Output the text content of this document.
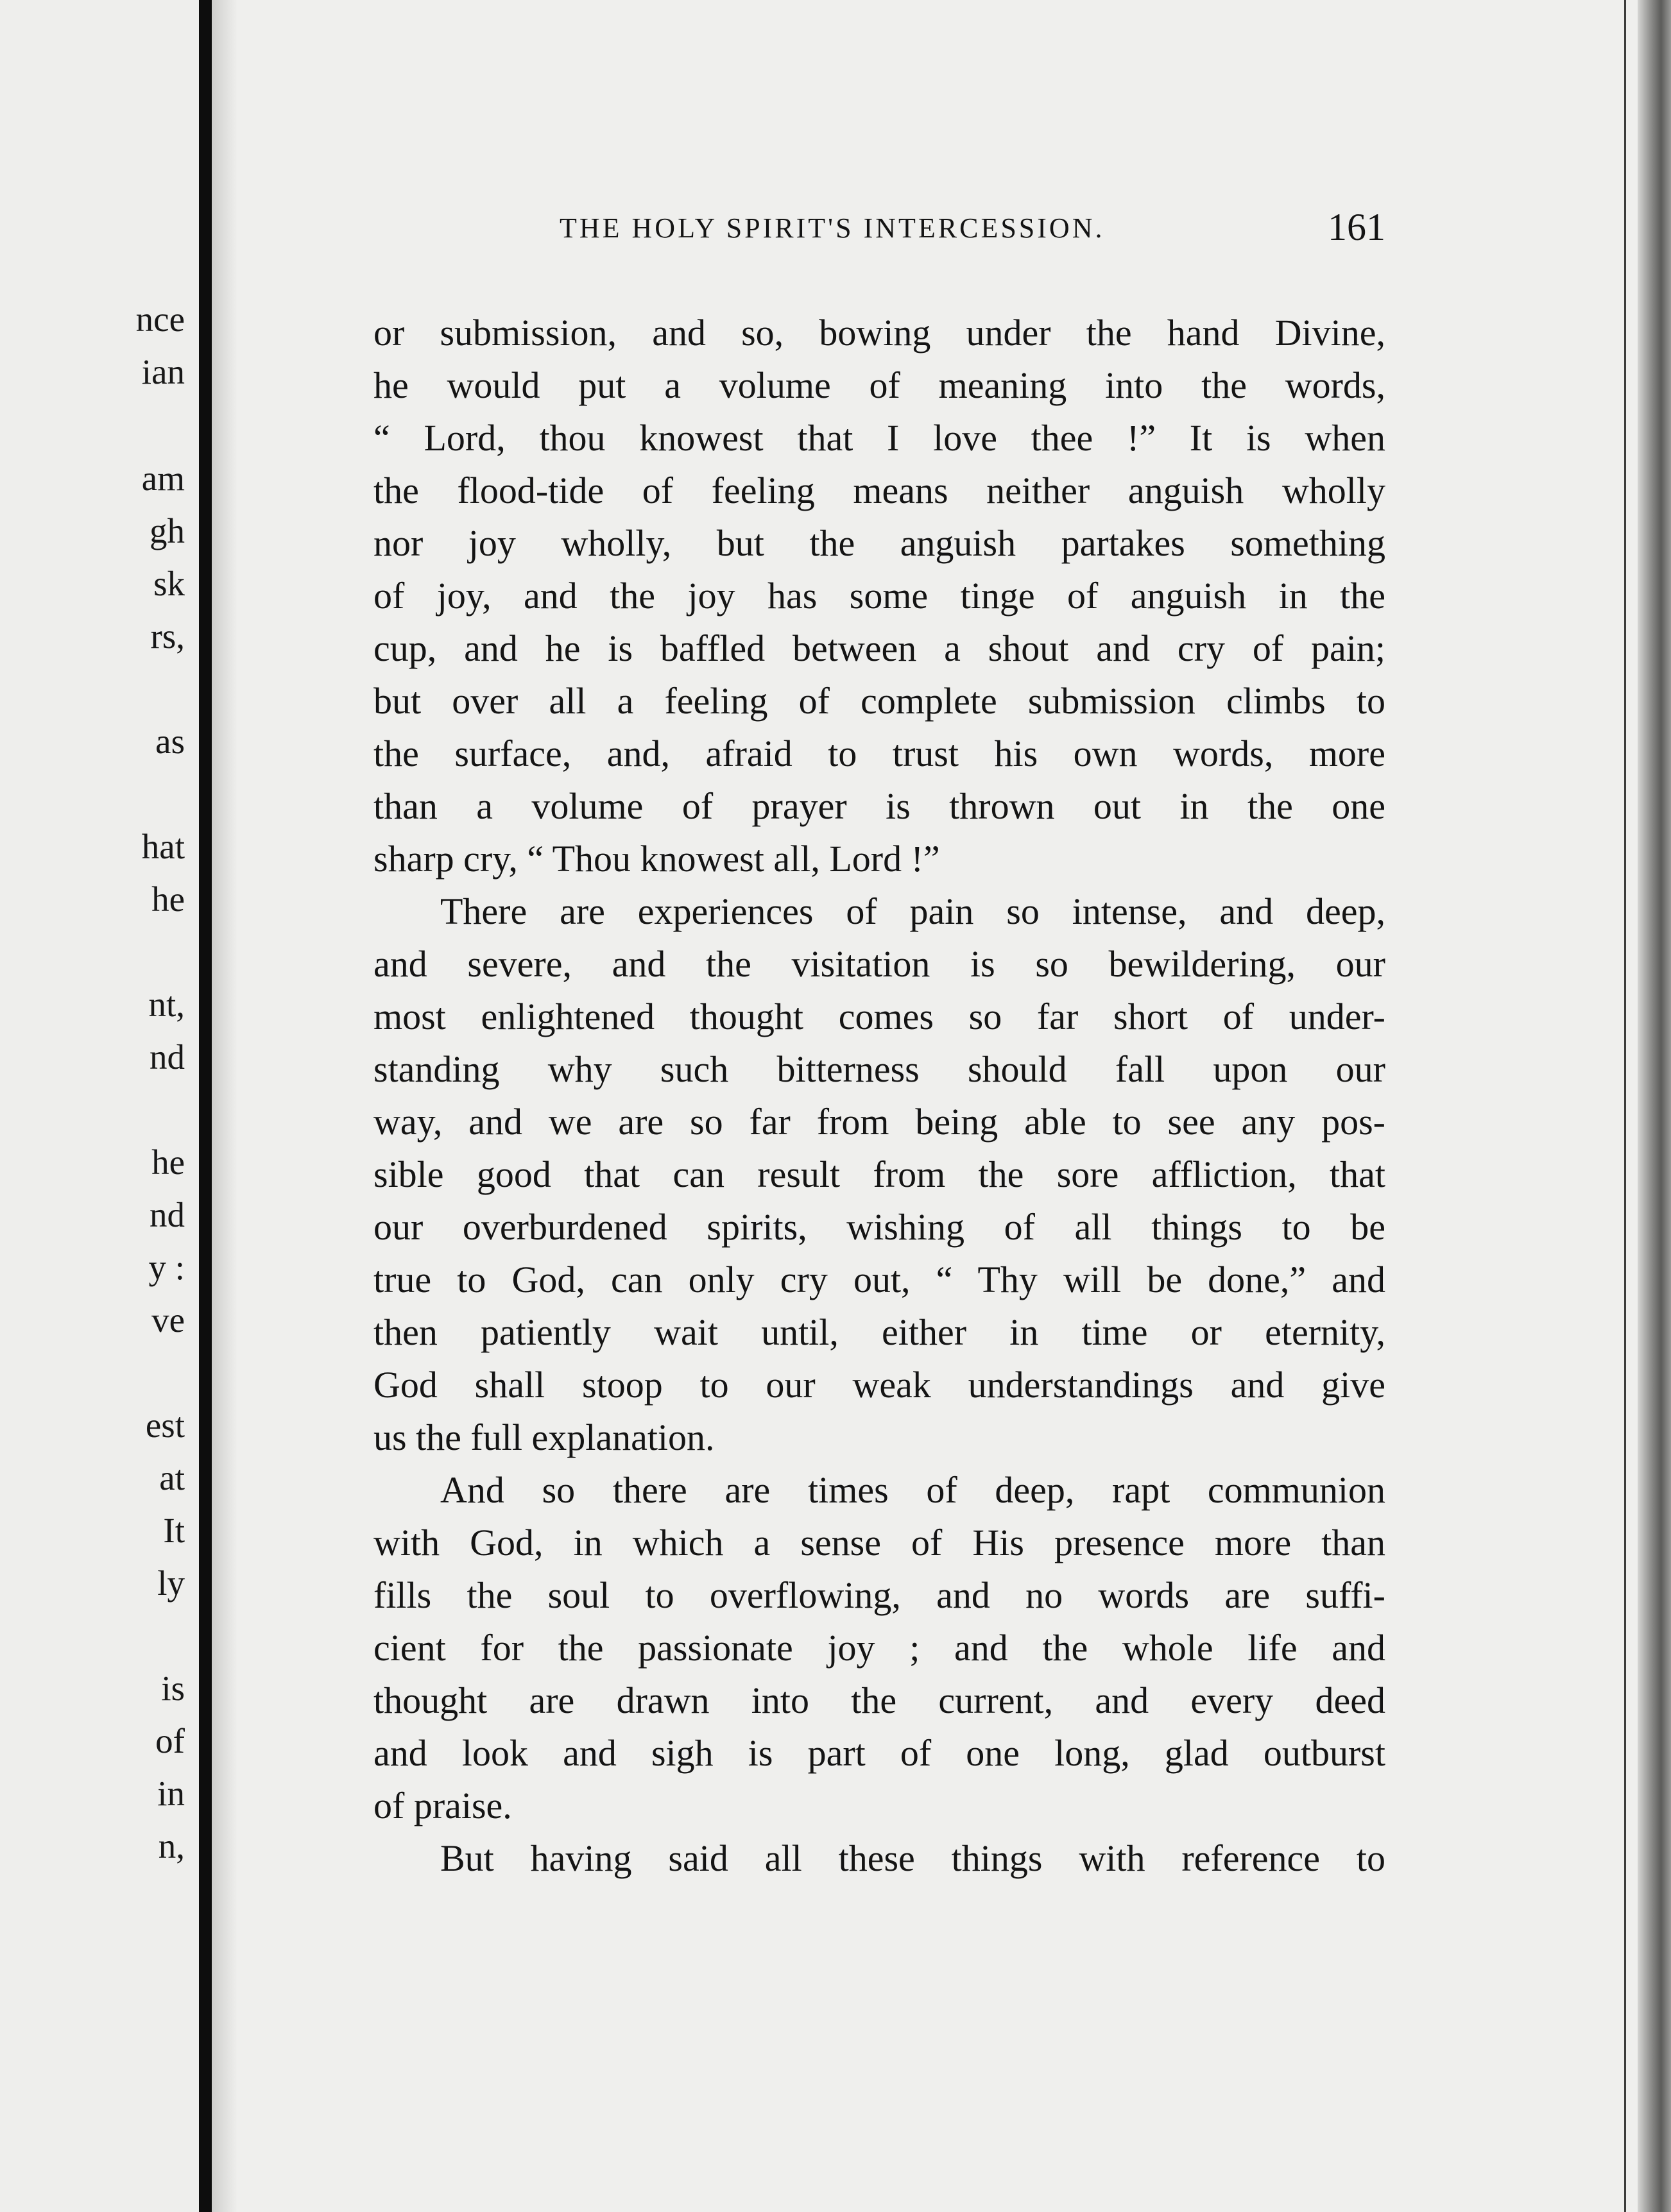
nce
ian
am
gh
sk
rs,
as
hat
he
nt,
nd
he
nd
y :
ve
est
at
It
ly
is
of
in
n,
THE HOLY SPIRIT'S INTERCESSION.	161
or submission, and so, bowing under the hand Divine,
he would put a volume of meaning into the words,
“ Lord, thou knowest that I love thee !” It is when
the flood-tide of feeling means neither anguish wholly
nor joy wholly, but the anguish partakes something
of joy, and the joy has some tinge of anguish in the
cup, and he is baffled between a shout and cry of pain;
but over all a feeling of complete submission climbs to
the surface, and, afraid to trust his own words, more
than a volume of prayer is thrown out in the one
sharp cry, “ Thou knowest all, Lord !”
There are experiences of pain so intense, and deep,
and severe, and the visitation is so bewildering, our
most enlightened thought comes so far short of under-
standing why such bitterness should fall upon our
way, and we are so far from being able to see any pos-
sible good that can result from the sore affliction, that
our overburdened spirits, wishing of all things to be
true to God, can only cry out, “ Thy will be done,” and
then patiently wait until, either in time or eternity,
God shall stoop to our weak understandings and give
us the full explanation.
And so there are times of deep, rapt communion
with God, in which a sense of His presence more than
fills the soul to overflowing, and no words are suffi-
cient for the passionate joy ; and the whole life and
thought are drawn into the current, and every deed
and look and sigh is part of one long, glad outburst
of praise.
But having said all these things with reference to
